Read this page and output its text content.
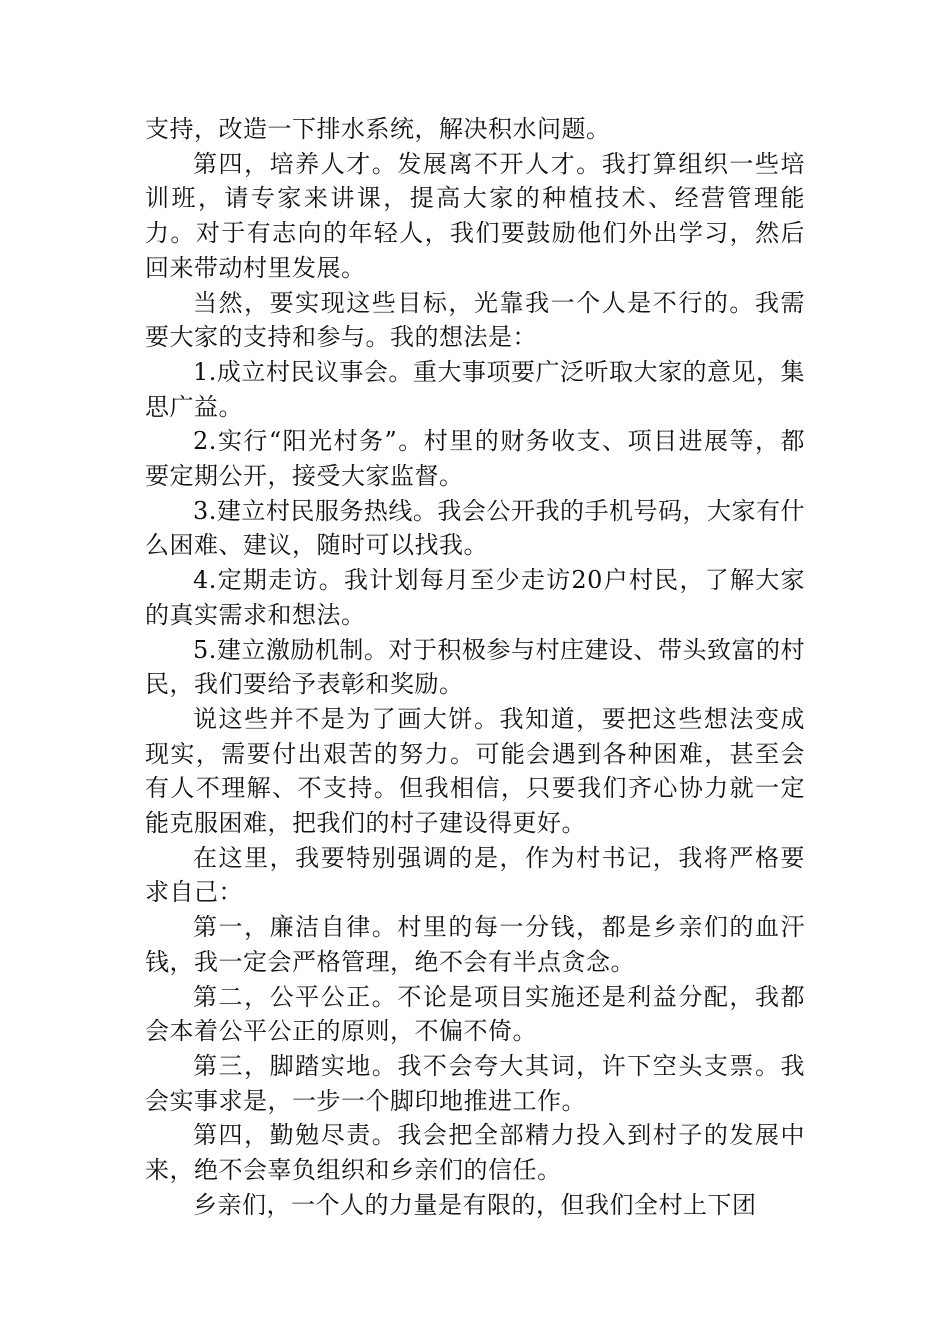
支持，改造一下排水系统，解决积水问题。

第四，培养人才。发展离不开人才。我打算组织一些培训班，请专家来讲课，提高大家的种植技术、经营管理能力。对于有志向的年轻人，我们要鼓励他们外出学习，然后回来带动村里发展。

当然，要实现这些目标，光靠我一个人是不行的。我需要大家的支持和参与。我的想法是：

1.成立村民议事会。重大事项要广泛听取大家的意见，集思广益。

2.实行“阳光村务”。村里的财务收支、项目进展等，都要定期公开，接受大家监督。

3.建立村民服务热线。我会公开我的手机号码，大家有什么困难、建议，随时可以找我。

4.定期走访。我计划每月至少走访20户村民，了解大家的真实需求和想法。

5.建立激励机制。对于积极参与村庄建设、带头致富的村民，我们要给予表彰和奖励。

说这些并不是为了画大饼。我知道，要把这些想法变成现实，需要付出艰苦的努力。可能会遇到各种困难，甚至会有人不理解、不支持。但我相信，只要我们齐心协力就一定能克服困难，把我们的村子建设得更好。

在这里，我要特别强调的是，作为村书记，我将严格要求自己：

第一，廉洁自律。村里的每一分钱，都是乡亲们的血汗钱，我一定会严格管理，绝不会有半点贪念。

第二，公平公正。不论是项目实施还是利益分配，我都会本着公平公正的原则，不偏不倚。

第三，脚踏实地。我不会夸大其词，许下空头支票。我会实事求是，一步一个脚印地推进工作。

第四，勤勉尽责。我会把全部精力投入到村子的发展中来，绝不会辜负组织和乡亲们的信任。

乡亲们，一个人的力量是有限的，但我们全村上下团
